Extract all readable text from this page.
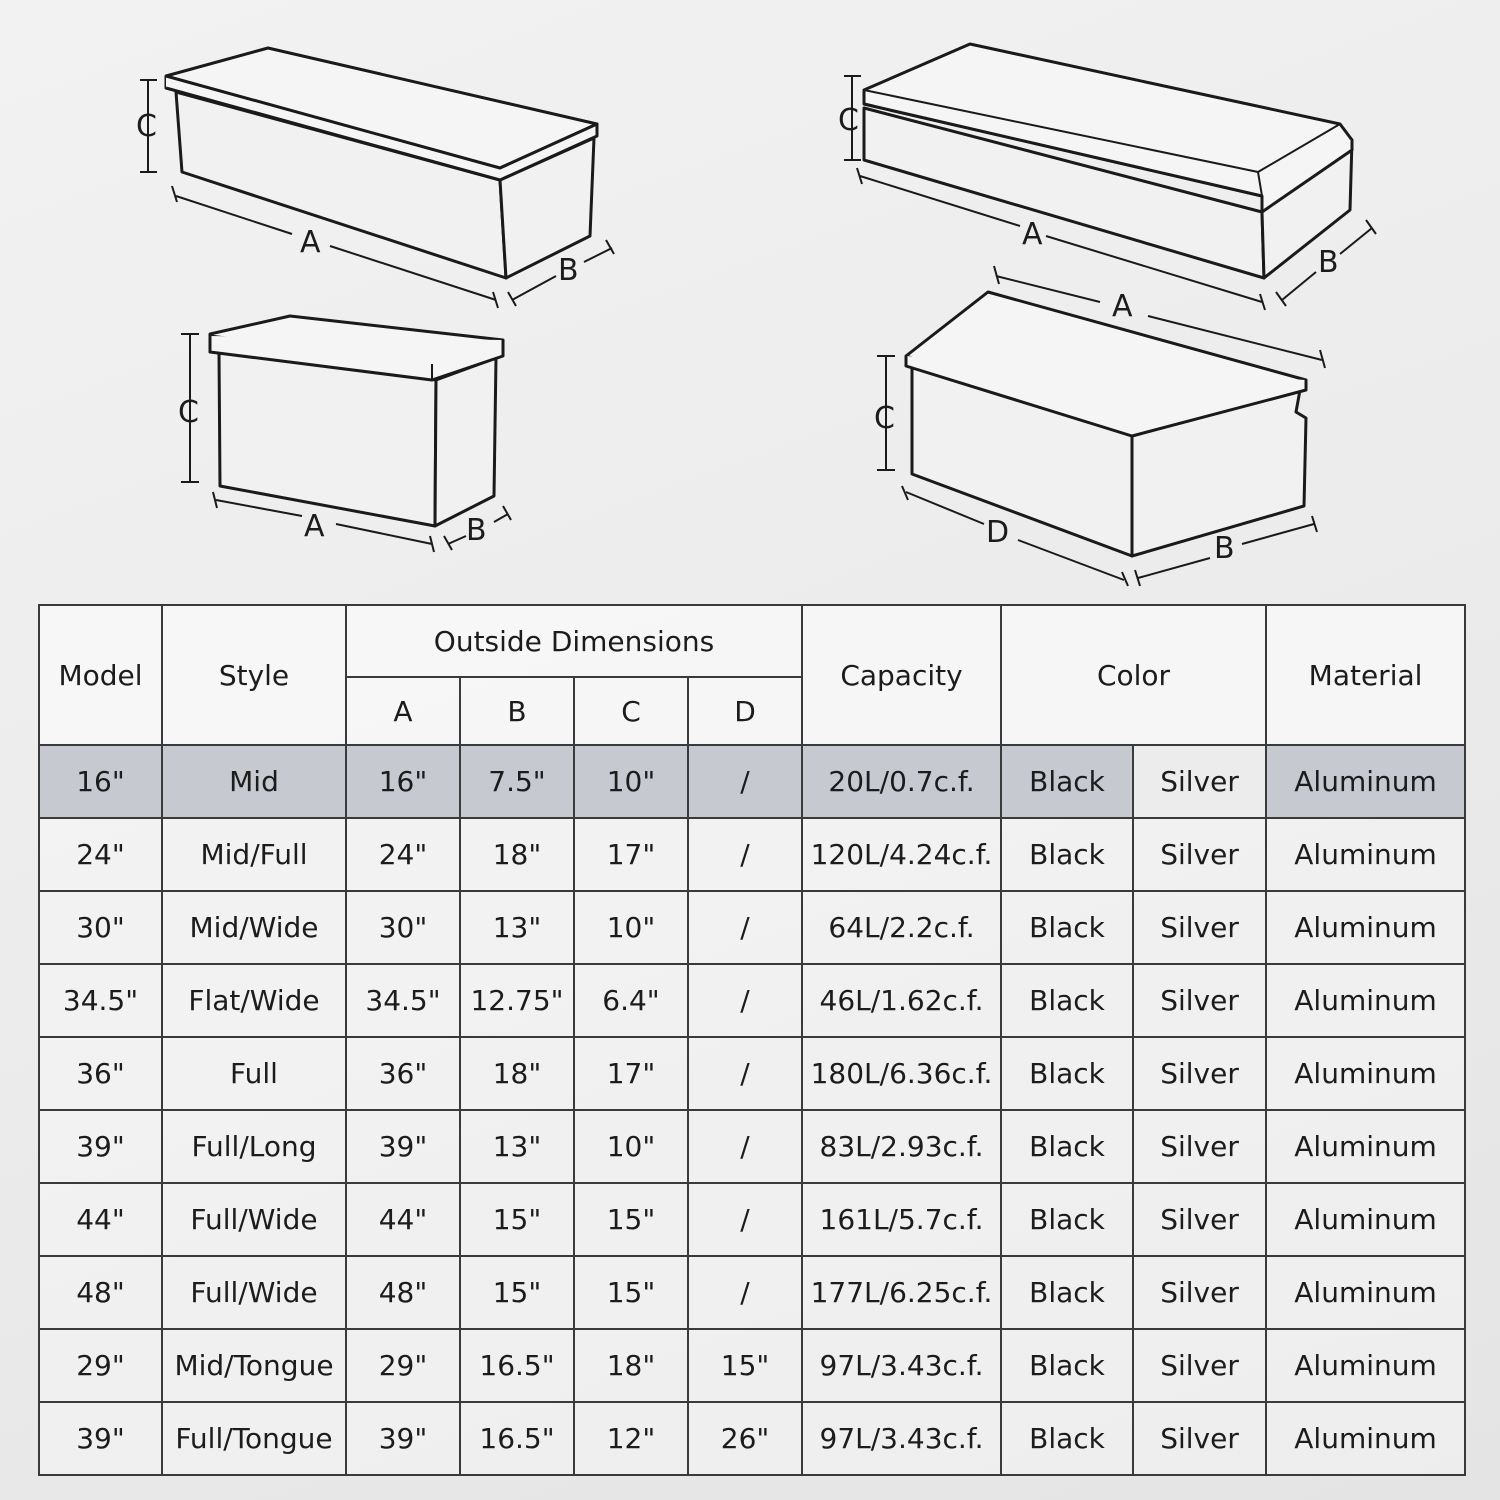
C
A
B
C
A	B
C
A
B
A
C
D	B
Model	Style	Outside Dimensions				Capacity	Color		Material
		A	B	C	D				
16"	Mid	16"	7.5"	10"	/	20L/0.7c.f.	Black	Silver	Aluminum
24"	Mid/Full	24"	18"	17"	/	120L/4.24c.f.	Black	Silver	Aluminum
30"	Mid/Wide	30"	13"	10"	/	64L/2.2c.f.	Black	Silver	Aluminum
34.5"	Flat/Wide	34.5"	12.75"	6.4"	/	46L/1.62c.f.	Black	Silver	Aluminum
36"	Full	36"	18"	17"	/	180L/6.36c.f.	Black	Silver	Aluminum
39"	Full/Long	39"	13"	10"	/	83L/2.93c.f.	Black	Silver	Aluminum
44"	Full/Wide	44"	15"	15"	/	161L/5.7c.f.	Black	Silver	Aluminum
48"	Full/Wide	48"	15"	15"	/	177L/6.25c.f.	Black	Silver	Aluminum
29"	Mid/Tongue	29"	16.5"	18"	15"	97L/3.43c.f.	Black	Silver	Aluminum
39"	Full/Tongue	39"	16.5"	12"	26"	97L/3.43c.f.	Black	Silver	Aluminum
